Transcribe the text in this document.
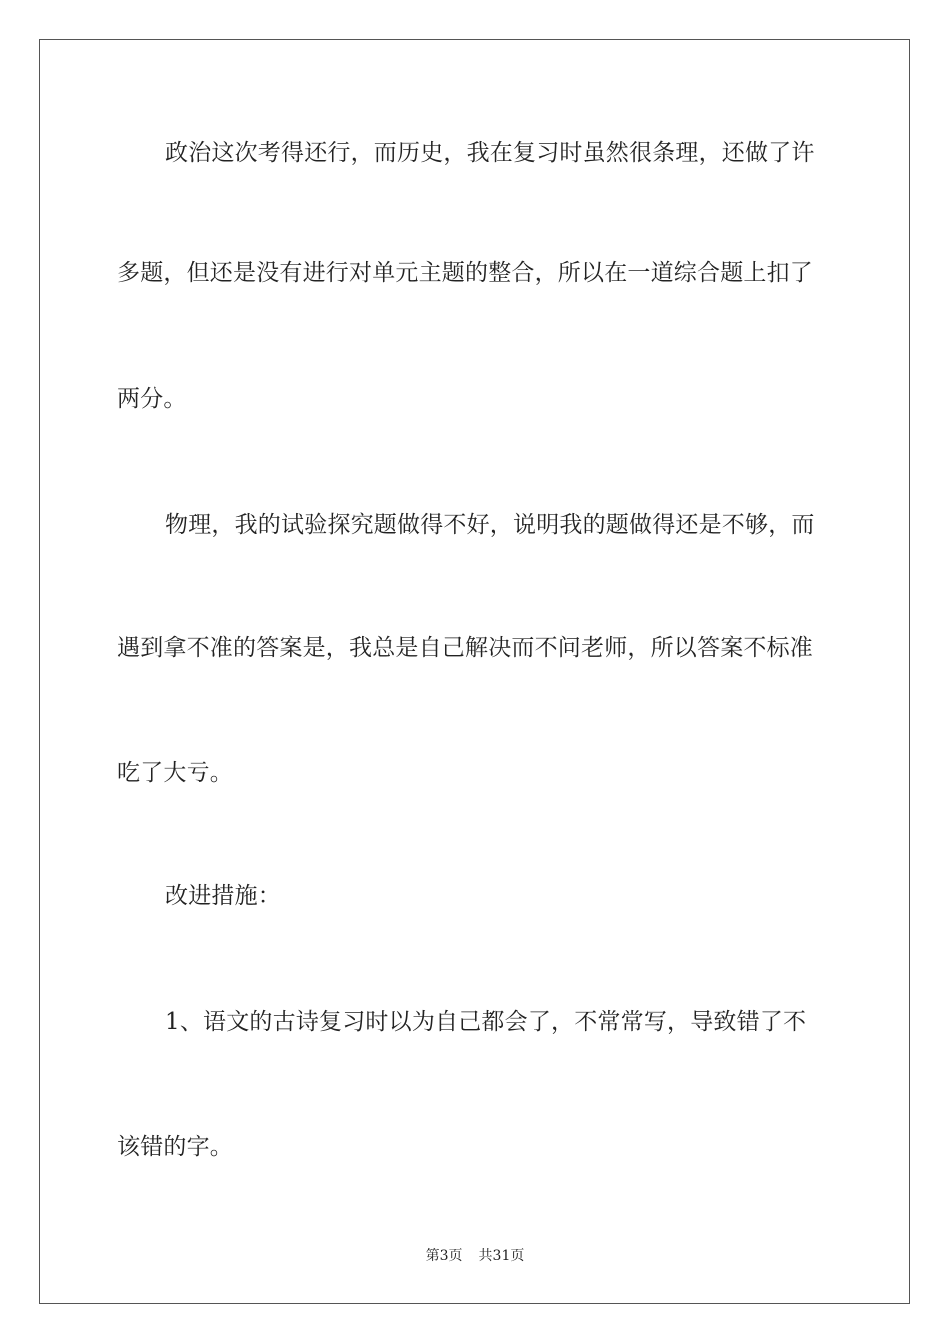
政治这次考得还行，而历史，我在复习时虽然很条理，还做了许
多题，但还是没有进行对单元主题的整合，所以在一道综合题上扣了
两分。
物理，我的试验探究题做得不好，说明我的题做得还是不够，而
遇到拿不准的答案是，我总是自己解决而不问老师，所以答案不标准
吃了大亏。
改进措施：
1、语文的古诗复习时以为自己都会了，不常常写，导致错了不
该错的字。
第3页 共31页
